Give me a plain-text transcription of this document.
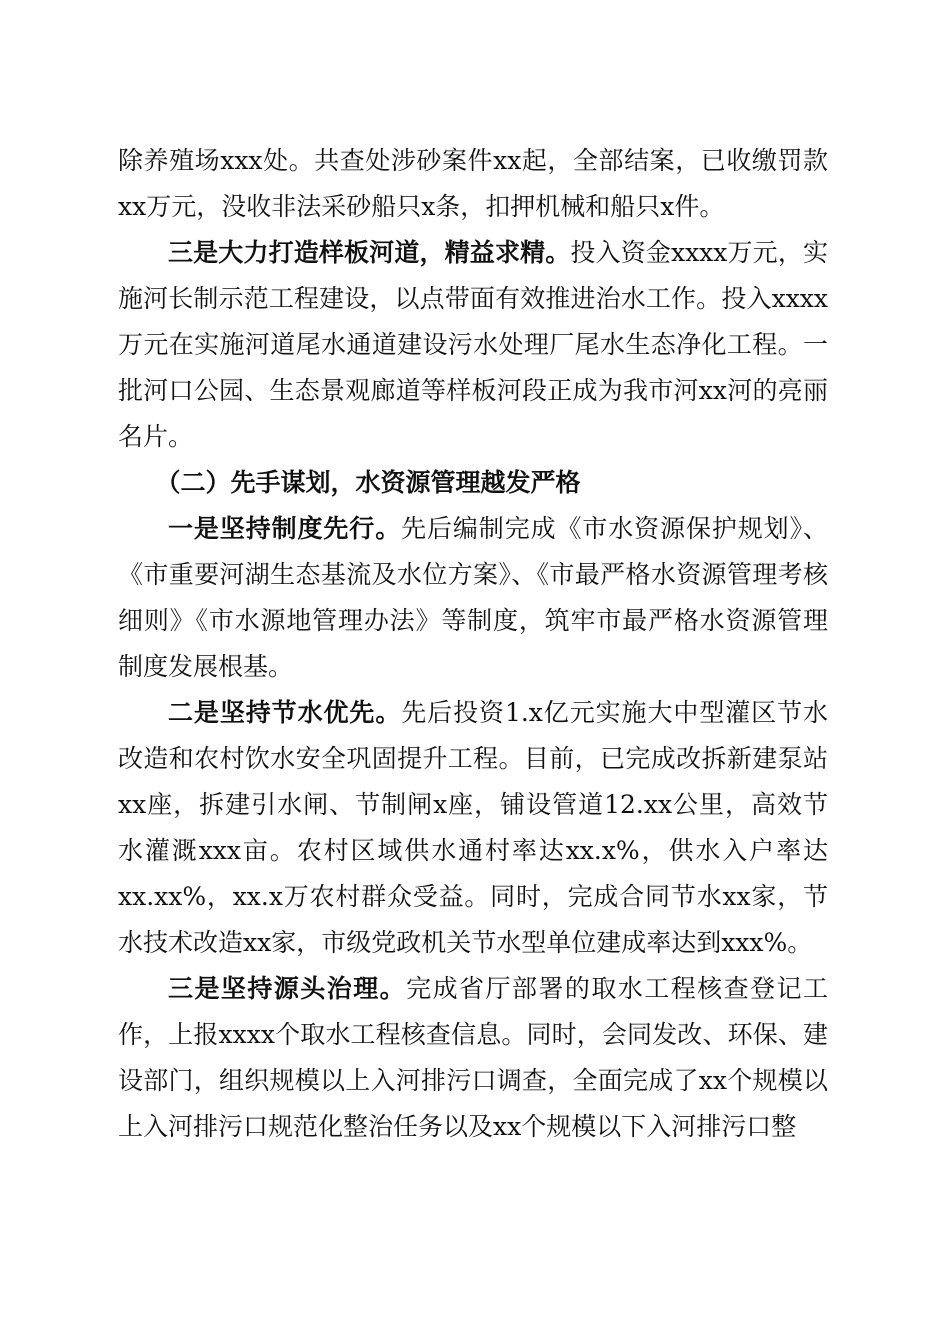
除养殖场xxx处。共查处涉砂案件xx起，全部结案，已收缴罚款xx万元，没收非法采砂船只x条，扣押机械和船只x件。

三是大力打造样板河道，精益求精。投入资金xxxx万元，实施河长制示范工程建设，以点带面有效推进治水工作。投入xxxx万元在实施河道尾水通道建设污水处理厂尾水生态净化工程。一批河口公园、生态景观廊道等样板河段正成为我市河xx河的亮丽名片。

（二）先手谋划，水资源管理越发严格

一是坚持制度先行。先后编制完成《市水资源保护规划》、《市重要河湖生态基流及水位方案》、《市最严格水资源管理考核细则》《市水源地管理办法》等制度，筑牢市最严格水资源管理制度发展根基。

二是坚持节水优先。先后投资1.x亿元实施大中型灌区节水改造和农村饮水安全巩固提升工程。目前，已完成改拆新建泵站xx座，拆建引水闸、节制闸x座，铺设管道12.xx公里，高效节水灌溉xxx亩。农村区域供水通村率达xx.x%，供水入户率达xx.xx%，xx.x万农村群众受益。同时，完成合同节水xx家，节水技术改造xx家，市级党政机关节水型单位建成率达到xxx%。

三是坚持源头治理。完成省厅部署的取水工程核查登记工作，上报xxxx个取水工程核查信息。同时，会同发改、环保、建设部门，组织规模以上入河排污口调查，全面完成了xx个规模以上入河排污口规范化整治任务以及xx个规模以下入河排污口整
